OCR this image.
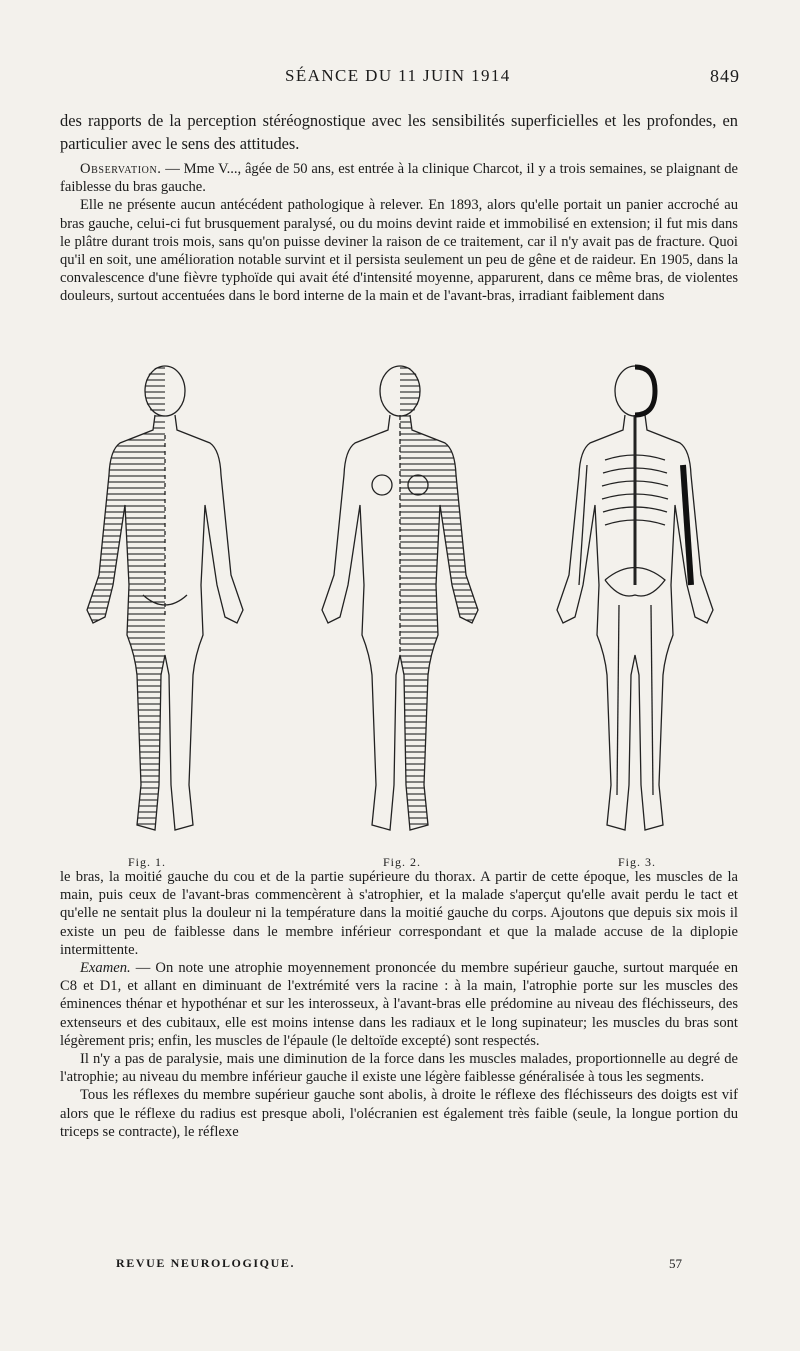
SÉANCE DU 11 JUIN 1914	849

des rapports de la perception stéréognostique avec les sensibilités superficielles et les profondes, en particulier avec le sens des attitudes.

Observation. — Mme V..., âgée de 50 ans, est entrée à la clinique Charcot, il y a trois semaines, se plaignant de faiblesse du bras gauche.

Elle ne présente aucun antécédent pathologique à relever. En 1893, alors qu'elle portait un panier accroché au bras gauche, celui-ci fut brusquement paralysé, ou du moins devint raide et immobilisé en extension; il fut mis dans le plâtre durant trois mois, sans qu'on puisse deviner la raison de ce traitement, car il n'y avait pas de fracture. Quoi qu'il en soit, une amélioration notable survint et il persista seulement un peu de gêne et de raideur. En 1905, dans la convalescence d'une fièvre typhoïde qui avait été d'intensité moyenne, apparurent, dans ce même bras, de violentes douleurs, surtout accentuées dans le bord interne de la main et de l'avant-bras, irradiant faiblement dans

Fig. 1.	Fig. 2.	Fig. 3.

le bras, la moitié gauche du cou et de la partie supérieure du thorax. A partir de cette époque, les muscles de la main, puis ceux de l'avant-bras commencèrent à s'atrophier, et la malade s'aperçut qu'elle avait perdu le tact et qu'elle ne sentait plus la douleur ni la température dans la moitié gauche du corps. Ajoutons que depuis six mois il existe un peu de faiblesse dans le membre inférieur correspondant et que la malade accuse de la diplopie intermittente.

Examen. — On note une atrophie moyennement prononcée du membre supérieur gauche, surtout marquée en C8 et D1, et allant en diminuant de l'extrémité vers la racine : à la main, l'atrophie porte sur les muscles des éminences thénar et hypothénar et sur les interosseux, à l'avant-bras elle prédomine au niveau des fléchisseurs, des extenseurs et des cubitaux, elle est moins intense dans les radiaux et le long supinateur; les muscles du bras sont légèrement pris; enfin, les muscles de l'épaule (le deltoïde excepté) sont respectés.

Il n'y a pas de paralysie, mais une diminution de la force dans les muscles malades, proportionnelle au degré de l'atrophie; au niveau du membre inférieur gauche il existe une légère faiblesse généralisée à tous les segments.

Tous les réflexes du membre supérieur gauche sont abolis, à droite le réflexe des fléchisseurs des doigts est vif alors que le réflexe du radius est presque aboli, l'olécranien est également très faible (seule, la longue portion du triceps se contracte), le réflexe

REVUE NEUROLOGIQUE.	57
